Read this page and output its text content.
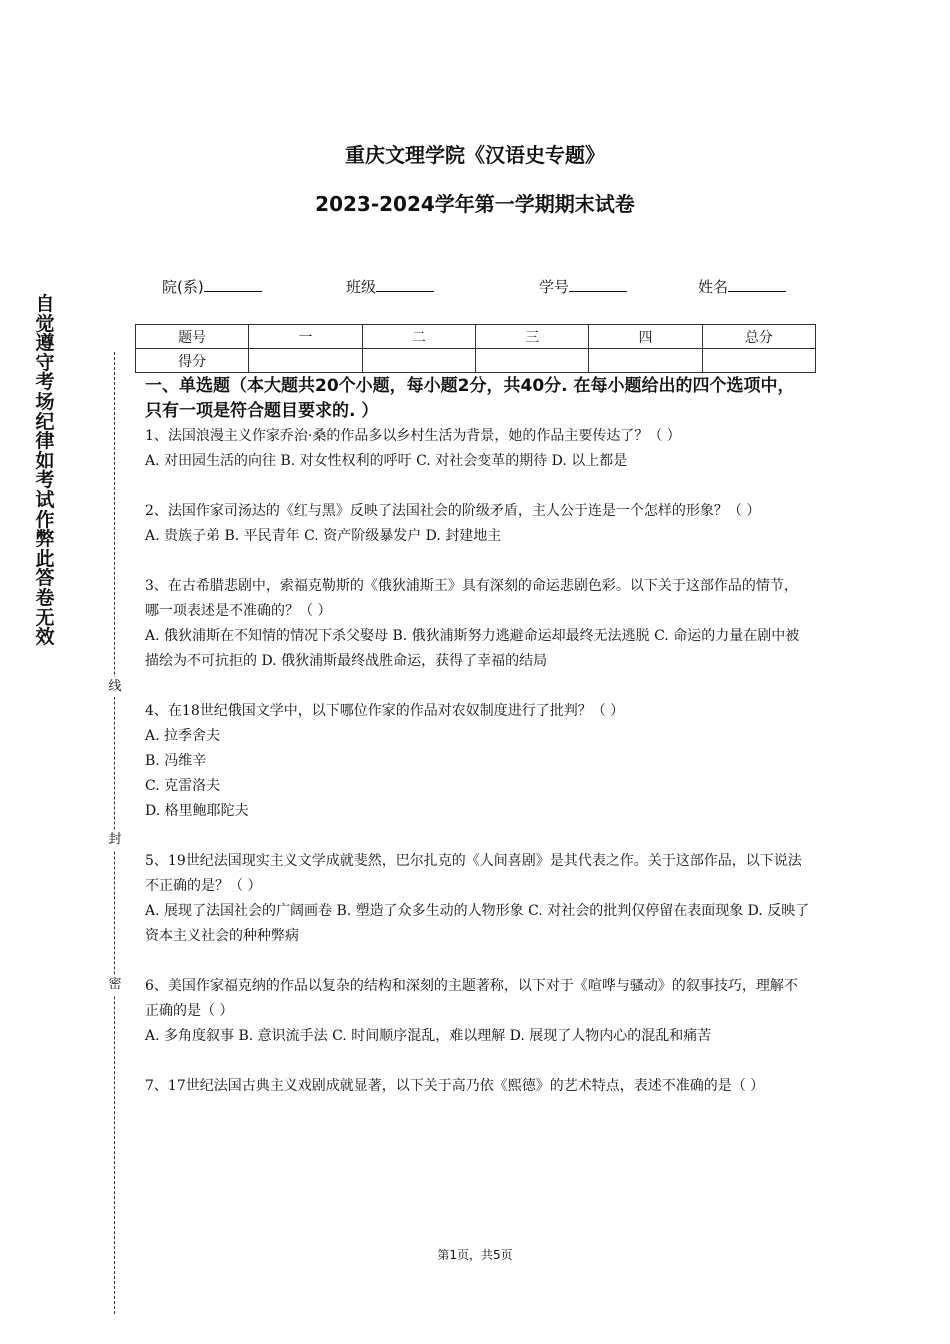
自觉遵守考场纪律如考试作弊此答卷无效
线
封
密
重庆文理学院《汉语史专题》
2023-2024学年第一学期期末试卷
院(系)	班级	学号	姓名
题号	一	二	三	四	总分
得分					
一、单选题（本大题共20个小题，每小题2分，共40分. 在每小题给出的四个选项中，只有一项是符合题目要求的. ）

1、法国浪漫主义作家乔治·桑的作品多以乡村生活为背景，她的作品主要传达了？（ ）

A. 对田园生活的向往 B. 对女性权利的呼吁 C. 对社会变革的期待 D. 以上都是

2、法国作家司汤达的《红与黑》反映了法国社会的阶级矛盾，主人公于连是一个怎样的形象？（ ）

A. 贵族子弟 B. 平民青年 C. 资产阶级暴发户 D. 封建地主

3、在古希腊悲剧中，索福克勒斯的《俄狄浦斯王》具有深刻的命运悲剧色彩。以下关于这部作品的情节，哪一项表述是不准确的？（ ）

A. 俄狄浦斯在不知情的情况下杀父娶母 B. 俄狄浦斯努力逃避命运却最终无法逃脱 C. 命运的力量在剧中被描绘为不可抗拒的 D. 俄狄浦斯最终战胜命运，获得了幸福的结局

4、在18世纪俄国文学中，以下哪位作家的作品对农奴制度进行了批判？（ ）

A. 拉季舍夫

B. 冯维辛

C. 克雷洛夫

D. 格里鲍耶陀夫

5、19世纪法国现实主义文学成就斐然，巴尔扎克的《人间喜剧》是其代表之作。关于这部作品，以下说法不正确的是？（ ）

A. 展现了法国社会的广阔画卷 B. 塑造了众多生动的人物形象 C. 对社会的批判仅停留在表面现象 D. 反映了资本主义社会的种种弊病

6、美国作家福克纳的作品以复杂的结构和深刻的主题著称，以下对于《喧哗与骚动》的叙事技巧，理解不正确的是（ ）

A. 多角度叙事 B. 意识流手法 C. 时间顺序混乱，难以理解 D. 展现了人物内心的混乱和痛苦

7、17世纪法国古典主义戏剧成就显著，以下关于高乃依《熙德》的艺术特点，表述不准确的是（ ）

第1页，共5页
